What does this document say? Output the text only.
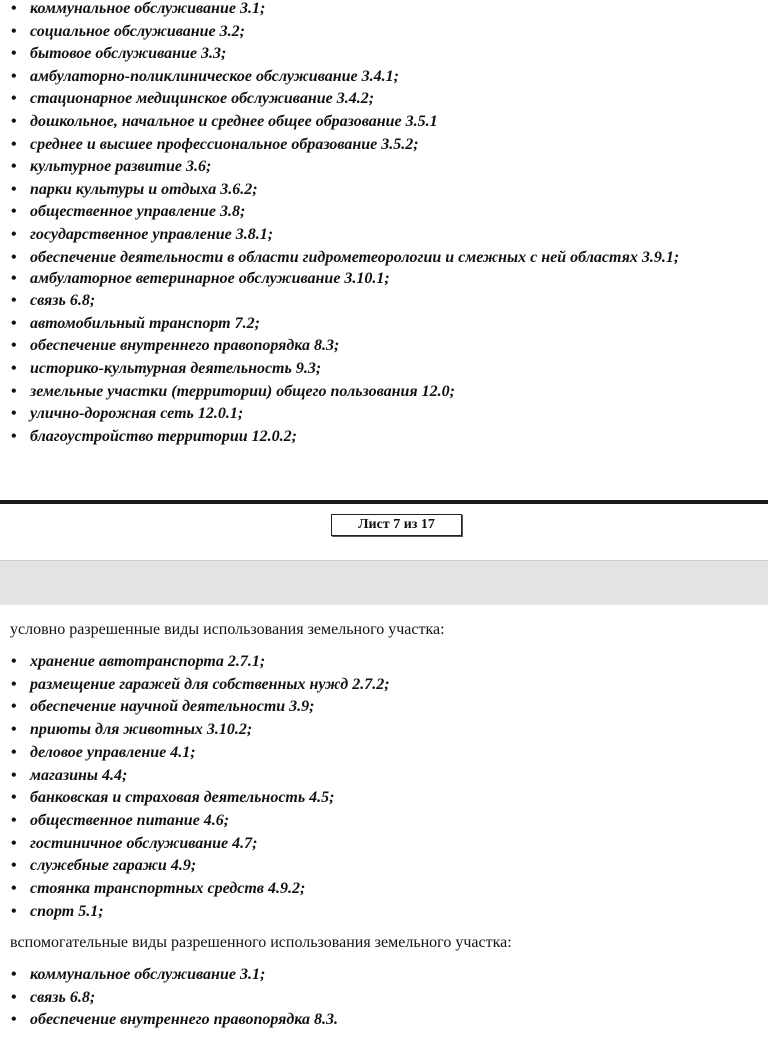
• коммунальное обслуживание 3.1;
• социальное обслуживание 3.2;
• бытовое обслуживание 3.3;
• амбулаторно-поликлиническое обслуживание 3.4.1;
• стационарное медицинское обслуживание 3.4.2;
• дошкольное, начальное и среднее общее образование 3.5.1
• среднее и высшее профессиональное образование 3.5.2;
• культурное развитие 3.6;
• парки культуры и отдыха 3.6.2;
• общественное управление 3.8;
• государственное управление 3.8.1;
• обеспечение деятельности в области гидрометеорологии и смежных с ней областях 3.9.1;
• амбулаторное ветеринарное обслуживание 3.10.1;
• связь 6.8;
• автомобильный транспорт 7.2;
• обеспечение внутреннего правопорядка 8.3;
• историко-культурная деятельность 9.3;
• земельные участки (территории) общего пользования 12.0;
• улично-дорожная сеть 12.0.1;
• благоустройство территории 12.0.2;
Лист 7 из 17
условно разрешенные виды использования земельного участка:
• хранение автотранспорта 2.7.1;
• размещение гаражей для собственных нужд 2.7.2;
• обеспечение научной деятельности 3.9;
• приюты для животных 3.10.2;
• деловое управление 4.1;
• магазины 4.4;
• банковская и страховая деятельность 4.5;
• общественное питание 4.6;
• гостиничное обслуживание 4.7;
• служебные гаражи 4.9;
• стоянка транспортных средств 4.9.2;
• спорт 5.1;
вспомогательные виды разрешенного использования земельного участка:
• коммунальное обслуживание 3.1;
• связь 6.8;
• обеспечение внутреннего правопорядка 8.3.
